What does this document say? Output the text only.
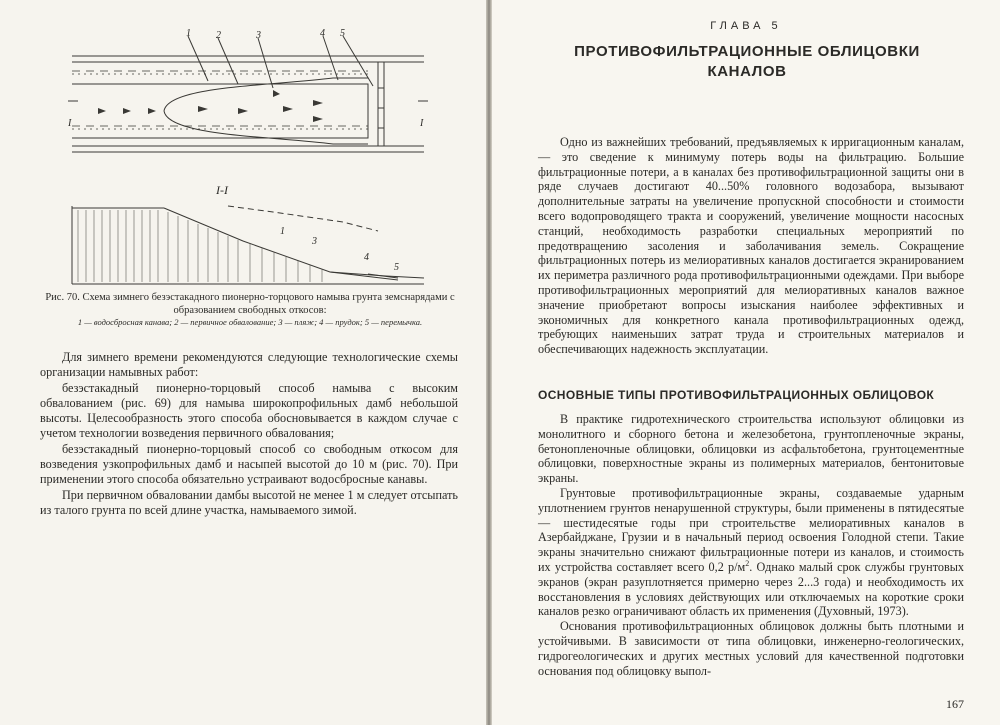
1	2	3	4 5
I	I
I-I
1
3
4
5
Рис. 70. Схема зимнего безэстакадного пионерно-торцового намыва грунта земснарядами с образованием свободных откосов:
1 — водосбросная канава; 2 — первичное обвалование; 3 — пляж; 4 — прудок; 5 — перемычка.

Для зимнего времени рекомендуются следующие технологические схемы организации намывных работ:

безэстакадный пионерно-торцовый способ намыва с высоким обвалованием (рис. 69) для намыва широкопрофильных дамб небольшой высоты. Целесообразность этого способа обосновывается в каждом случае с учетом технологии возведения первичного обвалования;

безэстакадный пионерно-торцовый способ со свободным откосом для возведения узкопрофильных дамб и насыпей высотой до 10 м (рис. 70). При применении этого способа обязательно устраивают водосбросные канавы.

При первичном обваловании дамбы высотой не менее 1 м следует отсыпать из талого грунта по всей длине участка, намываемого зимой.

ГЛАВА 5
ПРОТИВОФИЛЬТРАЦИОННЫЕ ОБЛИЦОВКИ КАНАЛОВ

Одно из важнейших требований, предъявляемых к ирригационным каналам, — это сведение к минимуму потерь воды на фильтрацию. Большие фильтрационные потери, а в каналах без противофильтрационной защиты они в ряде случаев достигают 40...50% головного водозабора, вызывают дополнительные затраты на увеличение пропускной способности и стоимости всего водопроводящего тракта и сооружений, увеличение мощности насосных станций, необходимость разработки специальных мероприятий по предотвращению засоления и заболачивания земель. Сокращение фильтрационных потерь из мелиоративных каналов достигается экранированием их периметра различного рода противофильтрационными одеждами. При выборе противофильтрационных мероприятий для мелиоративных каналов важное значение приобретают вопросы изыскания наиболее эффективных и экономичных для конкретного канала противофильтрационных одежд, требующих наименьших затрат труда и строительных материалов и обеспечивающих надежность эксплуатации.

ОСНОВНЫЕ ТИПЫ ПРОТИВОФИЛЬТРАЦИОННЫХ ОБЛИЦОВОК

В практике гидротехнического строительства используют облицовки из монолитного и сборного бетона и железобетона, грунтопленочные экраны, бетонопленочные облицовки, облицовки из асфальтобетона, грунтоцементные облицовки, поверхностные экраны из полимерных материалов, бентонитовые экраны.

Грунтовые противофильтрационные экраны, создаваемые ударным уплотнением грунтов ненарушенной структуры, были применены в пятидесятые — шестидесятые годы при строительстве мелиоративных каналов в Азербайджане, Грузии и в начальный период освоения Голодной степи. Такие экраны значительно снижают фильтрационные потери из каналов, и стоимость их устройства составляет всего 0,2 $р/м^2$. Однако малый срок службы грунтовых экранов (экран разуплотняется примерно через 2...3 года) и необходимость их восстановления в условиях действующих или отключаемых на короткие сроки каналов резко ограничивают область их применения (Духовный, 1973).

Основания противофильтрационных облицовок должны быть плотными и устойчивыми. В зависимости от типа облицовки, инженерно-геологических, гидрогеологических и других местных условий для качественной подготовки основания под облицовку выпол-

167
